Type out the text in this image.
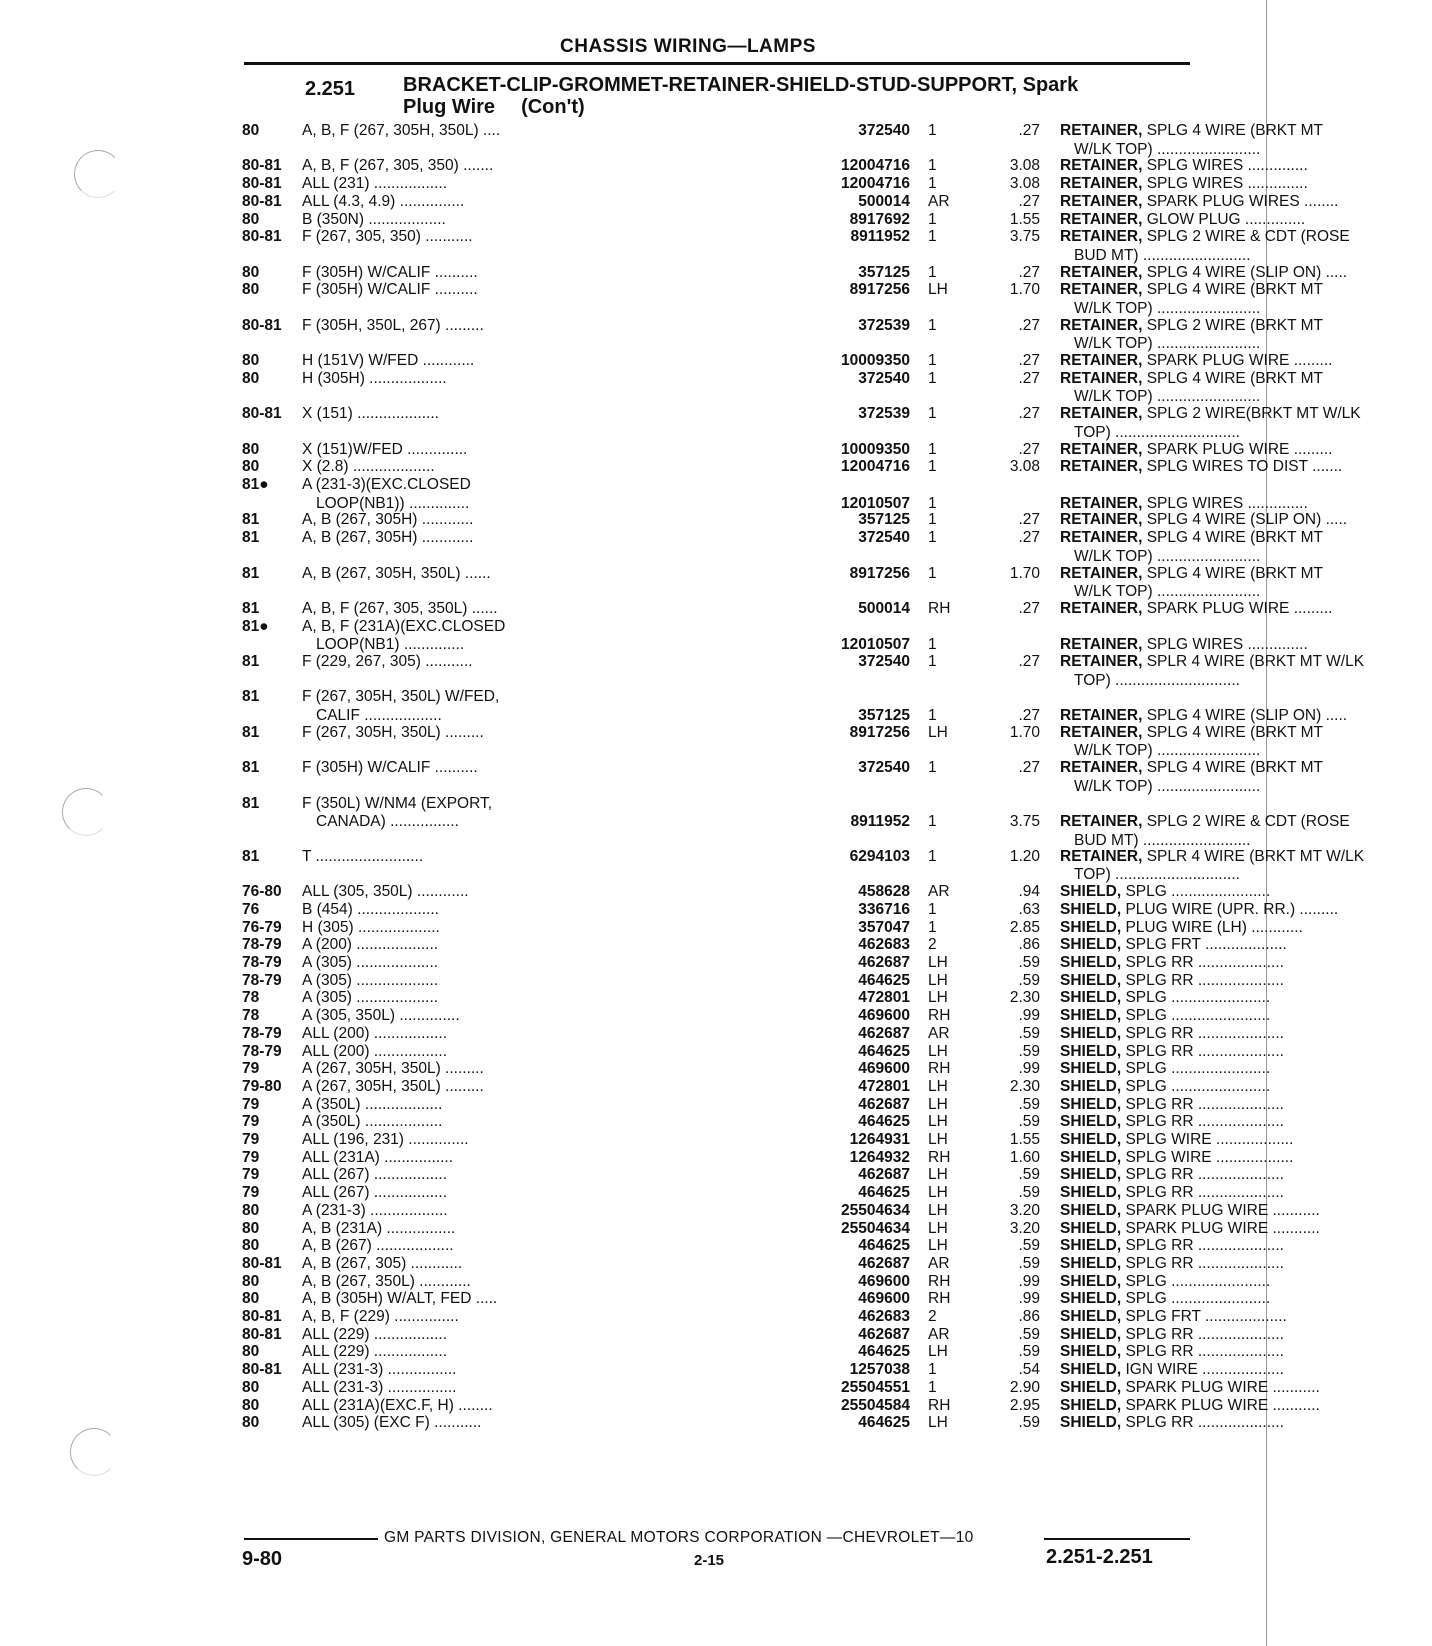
CHASSIS WIRING—LAMPS
2.251 BRACKET-CLIP-GROMMET-RETAINER-SHIELD-STUD-SUPPORT, Spark
Plug Wire (Con't)
80	A, B, F (267, 305H, 350L) ....	372540 1	.27 RETAINER, SPLG 4 WIRE (BRKT MT
W/LK TOP) ........................
80-81 A, B, F (267, 305, 350) .......	12004716 1	3.08 RETAINER, SPLG WIRES ..............
80-81 ALL (231) .................	12004716 1	3.08 RETAINER, SPLG WIRES ..............
80-81 ALL (4.3, 4.9) ...............	500014 AR	.27 RETAINER, SPARK PLUG WIRES ........
80	B (350N) ..................	8917692 1	1.55 RETAINER, GLOW PLUG ..............
80-81 F (267, 305, 350) ...........	8911952 1	3.75 RETAINER, SPLG 2 WIRE & CDT (ROSE
BUD MT) .........................
80	F (305H) W/CALIF ..........	357125 1	.27 RETAINER, SPLG 4 WIRE (SLIP ON) .....
80	F (305H) W/CALIF ..........	8917256 LH	1.70 RETAINER, SPLG 4 WIRE (BRKT MT
W/LK TOP) ........................
80-81 F (305H, 350L, 267) .........	372539 1	.27 RETAINER, SPLG 2 WIRE (BRKT MT
W/LK TOP) ........................
80	H (151V) W/FED ............	10009350 1	.27 RETAINER, SPARK PLUG WIRE .........
80	H (305H) ..................	372540 1	.27 RETAINER, SPLG 4 WIRE (BRKT MT
W/LK TOP) ........................
80-81 X (151) ...................	372539 1	.27 RETAINER, SPLG 2 WIRE(BRKT MT W/LK
TOP) .............................
80	X (151)W/FED ..............	10009350 1	.27 RETAINER, SPARK PLUG WIRE .........
80	X (2.8) ...................	12004716 1	3.08 RETAINER, SPLG WIRES TO DIST .......
81● A (231-3)(EXC.CLOSED
LOOP(NB1)) ..............	12010507 1	RETAINER, SPLG WIRES ..............
81	A, B (267, 305H) ............	357125 1	.27 RETAINER, SPLG 4 WIRE (SLIP ON) .....
81	A, B (267, 305H) ............	372540 1	.27 RETAINER, SPLG 4 WIRE (BRKT MT
W/LK TOP) ........................
81	A, B (267, 305H, 350L) ......	8917256 1	1.70 RETAINER, SPLG 4 WIRE (BRKT MT
W/LK TOP) ........................
81	A, B, F (267, 305, 350L) ......	500014 RH	.27 RETAINER, SPARK PLUG WIRE .........
81● A, B, F (231A)(EXC.CLOSED
LOOP(NB1) ..............	12010507 1	RETAINER, SPLG WIRES ..............
81	F (229, 267, 305) ...........	372540 1	.27 RETAINER, SPLR 4 WIRE (BRKT MT W/LK
TOP) .............................
81	F (267, 305H, 350L) W/FED,
CALIF ..................	357125 1	.27 RETAINER, SPLG 4 WIRE (SLIP ON) .....
81	F (267, 305H, 350L) .........	8917256 LH	1.70 RETAINER, SPLG 4 WIRE (BRKT MT
W/LK TOP) ........................
81	F (305H) W/CALIF ..........	372540 1	.27 RETAINER, SPLG 4 WIRE (BRKT MT
W/LK TOP) ........................
81	F (350L) W/NM4 (EXPORT,
CANADA) ................	8911952 1	3.75 RETAINER, SPLG 2 WIRE & CDT (ROSE
BUD MT) .........................
81	T .........................	6294103 1	1.20 RETAINER, SPLR 4 WIRE (BRKT MT W/LK
TOP) .............................
76-80 ALL (305, 350L) ............	458628 AR	.94 SHIELD, SPLG .......................
76	B (454) ...................	336716 1	.63 SHIELD, PLUG WIRE (UPR. RR.) .........
76-79 H (305) ...................	357047 1	2.85 SHIELD, PLUG WIRE (LH) ............
78-79 A (200) ...................	462683 2	.86 SHIELD, SPLG FRT ...................
78-79 A (305) ...................	462687 LH	.59 SHIELD, SPLG RR ....................
78-79 A (305) ...................	464625 LH	.59 SHIELD, SPLG RR ....................
78	A (305) ...................	472801 LH	2.30 SHIELD, SPLG .......................
78	A (305, 350L) ..............	469600 RH	.99 SHIELD, SPLG .......................
78-79 ALL (200) .................	462687 AR	.59 SHIELD, SPLG RR ....................
78-79 ALL (200) .................	464625 LH	.59 SHIELD, SPLG RR ....................
79	A (267, 305H, 350L) .........	469600 RH	.99 SHIELD, SPLG .......................
79-80 A (267, 305H, 350L) .........	472801 LH	2.30 SHIELD, SPLG .......................
79	A (350L) ..................	462687 LH	.59 SHIELD, SPLG RR ....................
79	A (350L) ..................	464625 LH	.59 SHIELD, SPLG RR ....................
79	ALL (196, 231) ..............	1264931 LH	1.55 SHIELD, SPLG WIRE ..................
79	ALL (231A) ................	1264932 RH	1.60 SHIELD, SPLG WIRE ..................
79	ALL (267) .................	462687 LH	.59 SHIELD, SPLG RR ....................
79	ALL (267) .................	464625 LH	.59 SHIELD, SPLG RR ....................
80	A (231-3) ..................	25504634 LH	3.20 SHIELD, SPARK PLUG WIRE ...........
80	A, B (231A) ................	25504634 LH	3.20 SHIELD, SPARK PLUG WIRE ...........
80	A, B (267) ..................	464625 LH	.59 SHIELD, SPLG RR ....................
80-81 A, B (267, 305) ............	462687 AR	.59 SHIELD, SPLG RR ....................
80	A, B (267, 350L) ............	469600 RH	.99 SHIELD, SPLG .......................
80	A, B (305H) W/ALT, FED .....	469600 RH	.99 SHIELD, SPLG .......................
80-81 A, B, F (229) ...............	462683 2	.86 SHIELD, SPLG FRT ...................
80-81 ALL (229) .................	462687 AR	.59 SHIELD, SPLG RR ....................
80	ALL (229) .................	464625 LH	.59 SHIELD, SPLG RR ....................
80-81 ALL (231-3) ................	1257038 1	.54 SHIELD, IGN WIRE ...................
80	ALL (231-3) ................	25504551 1	2.90 SHIELD, SPARK PLUG WIRE ...........
80	ALL (231A)(EXC.F, H) ........	25504584 RH	2.95 SHIELD, SPARK PLUG WIRE ...........
80	ALL (305) (EXC F) ...........	464625 LH	.59 SHIELD, SPLG RR ....................
GM PARTS DIVISION, GENERAL MOTORS CORPORATION —CHEVROLET—10
9-80	2-15	2.251-2.251
